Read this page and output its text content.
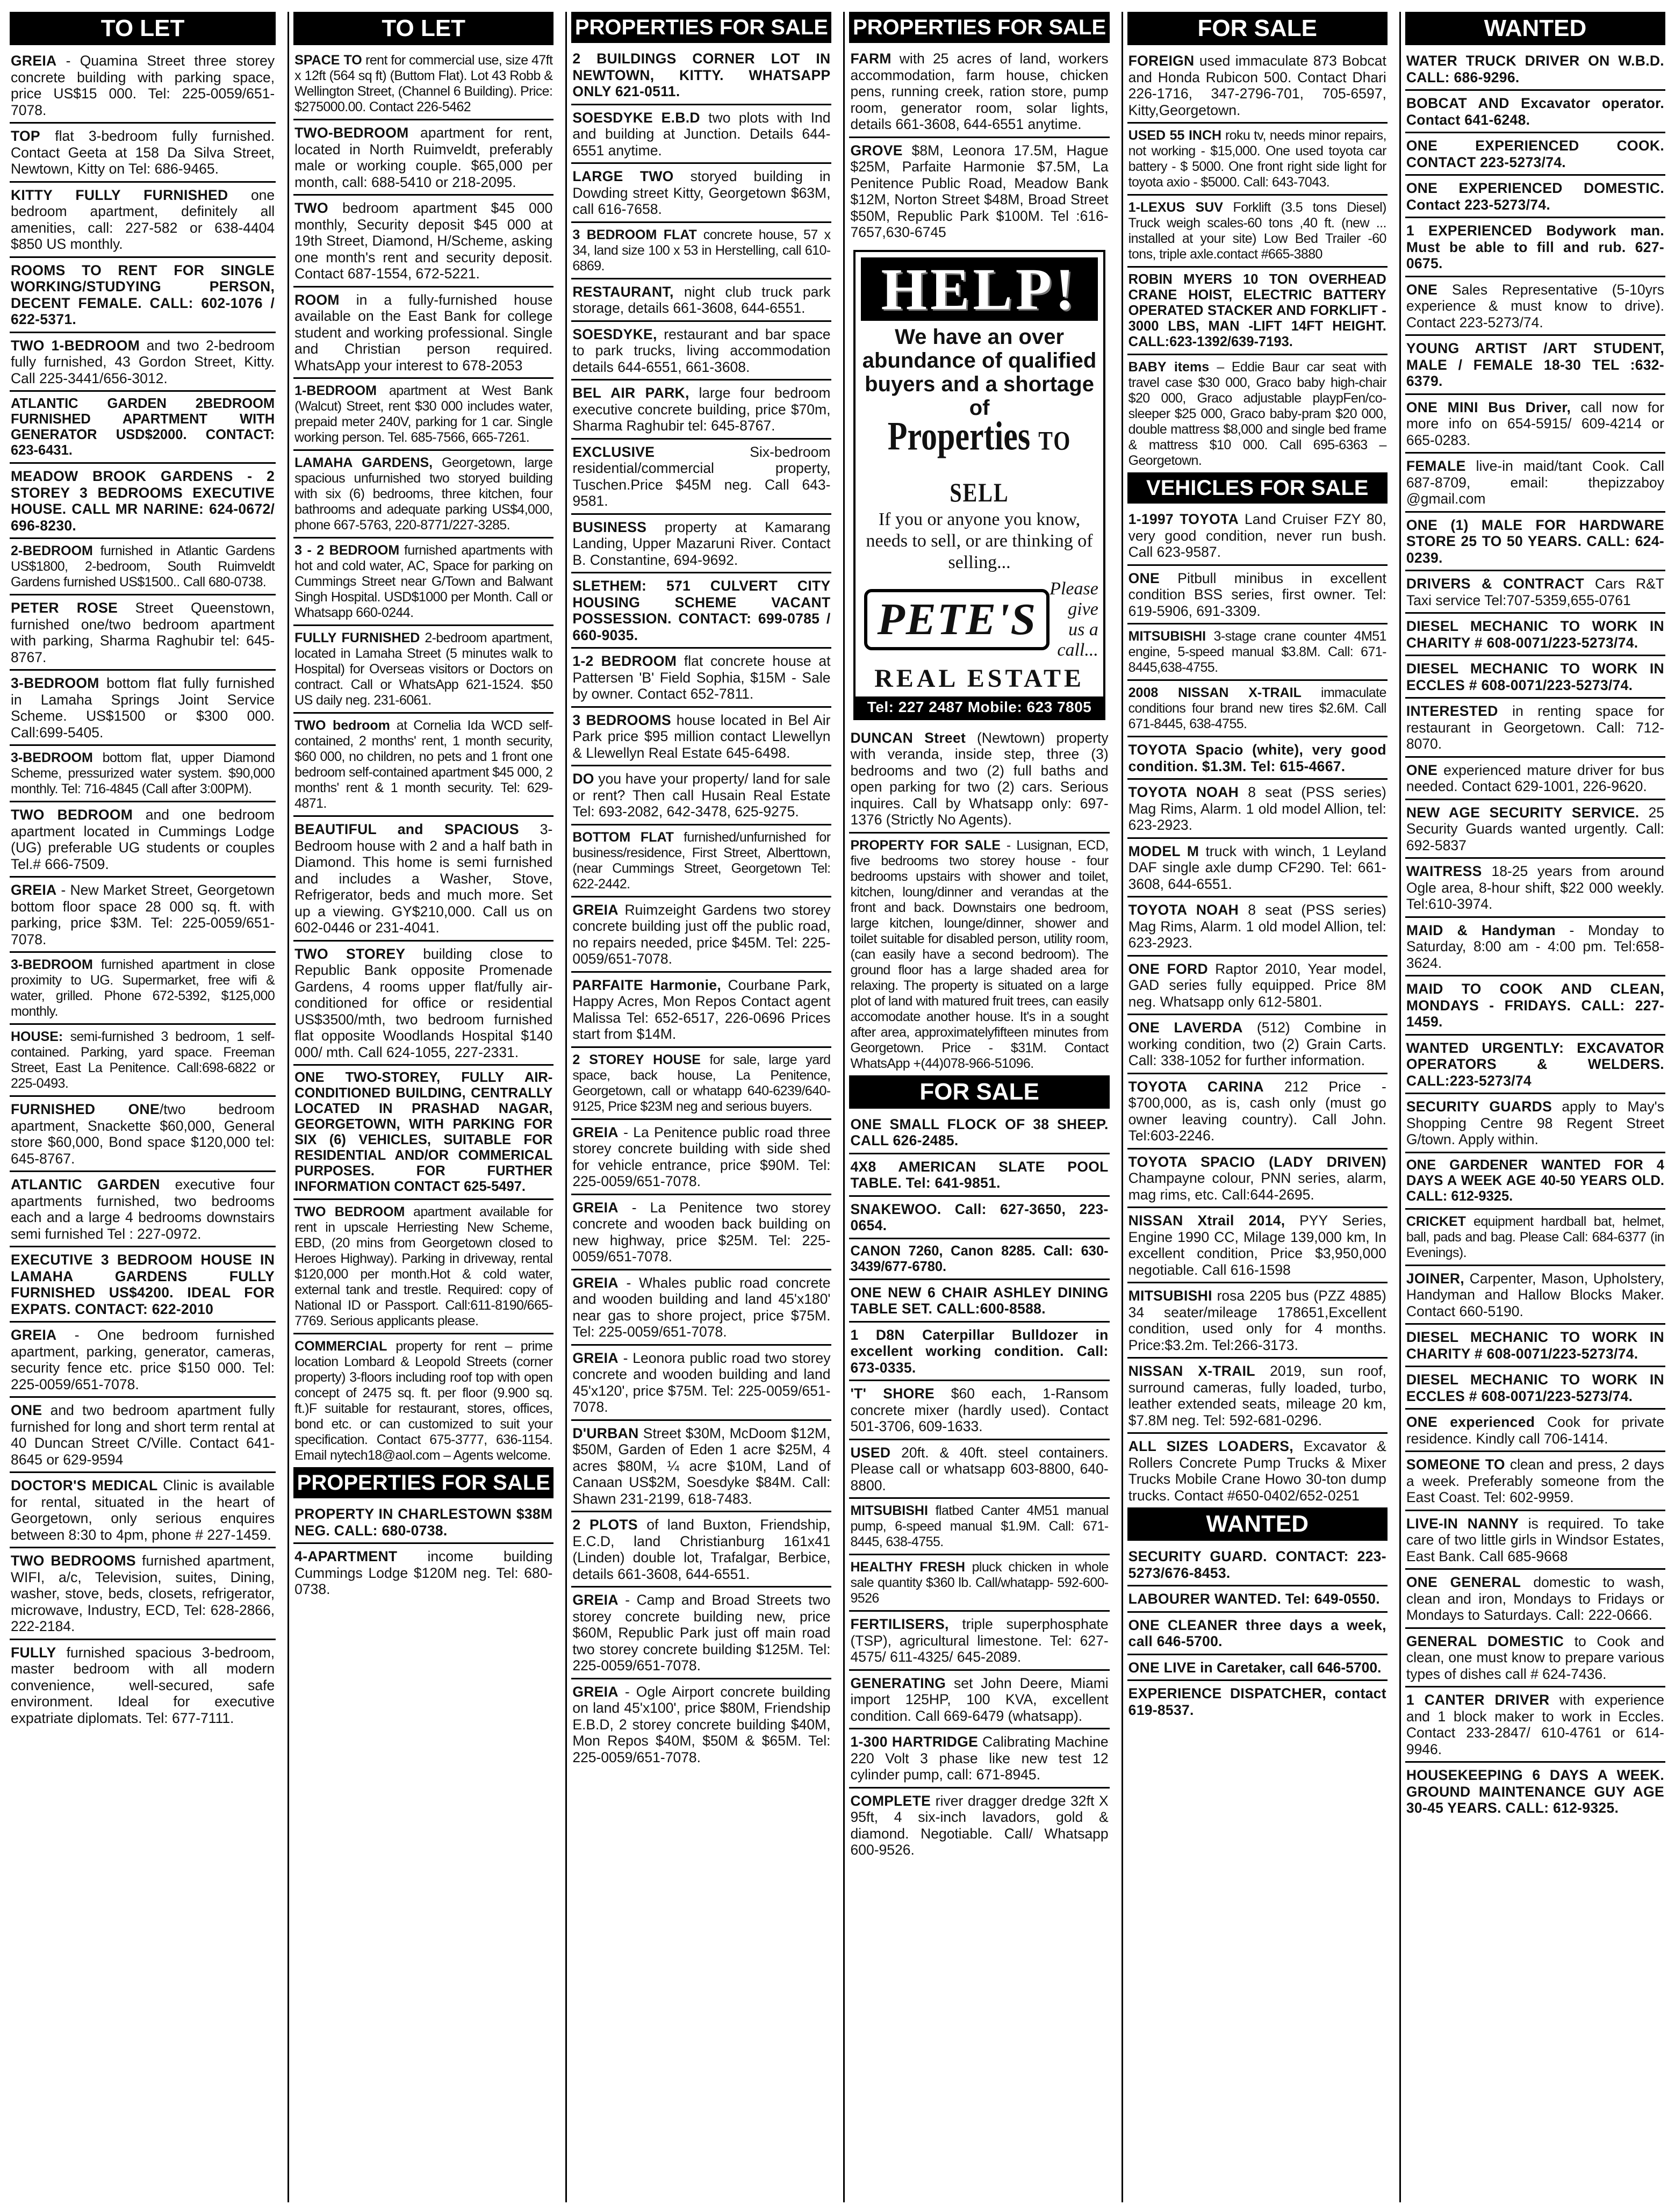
TO LET
GREIA - Quamina Street three storey concrete building with parking space, price US$15 000. Tel: 225-0059/651-7078.
TOP flat 3-bedroom fully furnished. Contact Geeta at 158 Da Silva Street, Newtown, Kitty on Tel: 686-9465.
KITTY FULLY FURNISHED one bedroom apartment, definitely all amenities, call: 227-582 or 638-4404 $850 US monthly.
ROOMS TO RENT FOR SINGLE WORKING/STUDYING PERSON, DECENT FEMALE. CALL: 602-1076 / 622-5371.
TWO 1-BEDROOM and two 2-bedroom fully furnished, 43 Gordon Street, Kitty. Call 225-3441/656-3012.
ATLANTIC GARDEN 2BEDROOM FURNISHED APARTMENT WITH GENERATOR USD$2000. CONTACT: 623-6431.
MEADOW BROOK GARDENS - 2 STOREY 3 BEDROOMS EXECUTIVE HOUSE. CALL MR NARINE: 624-0672/ 696-8230.
2-BEDROOM furnished in Atlantic Gardens US$1800, 2-bedroom, South Ruimveldt Gardens furnished US$1500.. Call 680-0738.
PETER ROSE Street Queenstown, furnished one/two bedroom apartment with parking, Sharma Raghubir tel: 645-8767.
3-BEDROOM bottom flat fully furnished in Lamaha Springs Joint Service Scheme. US$1500 or $300 000. Call:699-5405.
3-BEDROOM bottom flat, upper Diamond Scheme, pressurized water system. $90,000 monthly. Tel: 716-4845 (Call after 3:00PM).
TWO BEDROOM and one bedroom apartment located in Cummings Lodge (UG) preferable UG students or couples Tel.# 666-7509.
GREIA - New Market Street, Georgetown bottom floor space 28 000 sq. ft. with parking, price $3M. Tel: 225-0059/651-7078.
3-BEDROOM furnished apartment in close proximity to UG. Supermarket, free wifi & water, grilled. Phone 672-5392, $125,000 monthly.
HOUSE: semi-furnished 3 bedroom, 1 self-contained. Parking, yard space. Freeman Street, East La Penitence. Call:698-6822 or 225-0493.
FURNISHED ONE/two bedroom apartment, Snackette $60,000, General store $60,000, Bond space $120,000 tel: 645-8767.
ATLANTIC GARDEN executive four apartments furnished, two bedrooms each and a large 4 bedrooms downstairs semi furnished Tel : 227-0972.
EXECUTIVE 3 BEDROOM HOUSE IN LAMAHA GARDENS FULLY FURNISHED US$4200. IDEAL FOR EXPATS. CONTACT: 622-2010
GREIA - One bedroom furnished apartment, parking, generator, cameras, security fence etc. price $150 000. Tel: 225-0059/651-7078.
ONE and two bedroom apartment fully furnished for long and short term rental at 40 Duncan Street C/Ville. Contact 641-8645 or 629-9594
DOCTOR'S MEDICAL Clinic is available for rental, situated in the heart of Georgetown, only serious enquires between 8:30 to 4pm, phone # 227-1459.
TWO BEDROOMS furnished apartment, WIFI, a/c, Television, suites, Dining, washer, stove, beds, closets, refrigerator, microwave, Industry, ECD, Tel: 628-2866, 222-2184.
FULLY furnished spacious 3-bedroom, master bedroom with all modern convenience, well-secured, safe environment. Ideal for executive expatriate diplomats. Tel: 677-7111.
TO LET
SPACE TO rent for commercial use, size 47ft x 12ft (564 sq ft) (Buttom Flat). Lot 43 Robb & Wellington Street, (Channel 6 Building). Price: $275000.00. Contact 226-5462
TWO-BEDROOM apartment for rent, located in North Ruimveldt, preferably male or working couple. $65,000 per month, call: 688-5410 or 218-2095.
TWO bedroom apartment $45 000 monthly, Security deposit $45 000 at 19th Street, Diamond, H/Scheme, asking one month's rent and security deposit. Contact 687-1554, 672-5221.
ROOM in a fully-furnished house available on the East Bank for college student and working professional. Single and Christian person required. WhatsApp your interest to 678-2053
1-BEDROOM apartment at West Bank (Walcut) Street, rent $30 000 includes water, prepaid meter 240V, parking for 1 car. Single working person. Tel. 685-7566, 665-7261.
LAMAHA GARDENS, Georgetown, large spacious unfurnished two storyed building with six (6) bedrooms, three kitchen, four bathrooms and adequate parking US$4,000, phone 667-5763, 220-8771/227-3285.
3 - 2 BEDROOM furnished apartments with hot and cold water, AC, Space for parking on Cummings Street near G/Town and Balwant Singh Hospital. USD$1000 per Month. Call or Whatsapp 660-0244.
FULLY FURNISHED 2-bedroom apartment, located in Lamaha Street (5 minutes walk to Hospital) for Overseas visitors or Doctors on contract. Call or WhatsApp 621-1524. $50 US daily neg. 231-6061.
TWO bedroom at Cornelia Ida WCD self-contained, 2 months' rent, 1 month security, $60 000, no children, no pets and 1 front one bedroom self-contained apartment $45 000, 2 months' rent & 1 month security. Tel: 629-4871.
BEAUTIFUL and SPACIOUS 3-Bedroom house with 2 and a half bath in Diamond. This home is semi furnished and includes a Washer, Stove, Refrigerator, beds and much more. Set up a viewing. GY$210,000. Call us on 602-0446 or 231-4041.
TWO STOREY building close to Republic Bank opposite Promenade Gardens, 4 rooms upper flat/fully air-conditioned for office or residential US$3500/mth, two bedroom furnished flat opposite Woodlands Hospital $140 000/ mth. Call 624-1055, 227-2331.
ONE TWO-STOREY, FULLY AIR-CONDITIONED BUILDING, CENTRALLY LOCATED IN PRASHAD NAGAR, GEORGETOWN, WITH PARKING FOR SIX (6) VEHICLES, SUITABLE FOR RESIDENTIAL AND/OR COMMERICAL PURPOSES. FOR FURTHER INFORMATION CONTACT 625-5497.
TWO BEDROOM apartment available for rent in upscale Herriesting New Scheme, EBD, (20 mins from Georgetown closed to Heroes Highway). Parking in driveway, rental $120,000 per month.Hot & cold water, external tank and trestle. Required: copy of National ID or Passport. Call:611-8190/665-7769. Serious applicants please.
COMMERCIAL property for rent – prime location Lombard & Leopold Streets (corner property) 3-floors including roof top with open concept of 2475 sq. ft. per floor (9.900 sq. ft.)F suitable for restaurant, stores, offices, bond etc. or can customized to suit your specification. Contact 675-3777, 636-1154. Email nytech18@aol.com – Agents welcome.
PROPERTIES FOR SALE
PROPERTY IN CHARLESTOWN $38M NEG. CALL: 680-0738.
4-APARTMENT income building Cummings Lodge $120M neg. Tel: 680-0738.
PROPERTIES FOR SALE
2 BUILDINGS CORNER LOT IN NEWTOWN, KITTY. WHATSAPP ONLY 621-0511.
SOESDYKE E.B.D two plots with Ind and building at Junction. Details 644-6551 anytime.
LARGE TWO storyed building in Dowding street Kitty, Georgetown $63M, call 616-7658.
3 BEDROOM FLAT concrete house, 57 x 34, land size 100 x 53 in Herstelling, call 610-6869.
RESTAURANT, night club truck park storage, details 661-3608, 644-6551.
SOESDYKE, restaurant and bar space to park trucks, living accommodation details 644-6551, 661-3608.
BEL AIR PARK, large four bedroom executive concrete building, price $70m, Sharma Raghubir tel: 645-8767.
EXCLUSIVE Six-bedroom residential/commercial property, Tuschen.Price $45M neg. Call 643-9581.
BUSINESS property at Kamarang Landing, Upper Mazaruni River. Contact B. Constantine, 694-9692.
SLETHEM: 571 CULVERT CITY HOUSING SCHEME VACANT POSSESSION. CONTACT: 699-0785 / 660-9035.
1-2 BEDROOM flat concrete house at Pattersen 'B' Field Sophia, $15M - Sale by owner. Contact 652-7811.
3 BEDROOMS house located in Bel Air Park price $95 million contact Llewellyn & Llewellyn Real Estate 645-6498.
DO you have your property/ land for sale or rent? Then call Husain Real Estate Tel: 693-2082, 642-3478, 625-9275.
BOTTOM FLAT furnished/unfurnished for business/residence, First Street, Alberttown, (near Cummings Street, Georgetown Tel: 622-2442.
GREIA Ruimzeight Gardens two storey concrete building just off the public road, no repairs needed, price $45M. Tel: 225-0059/651-7078.
PARFAITE Harmonie, Courbane Park, Happy Acres, Mon Repos Contact agent Malissa Tel: 652-6517, 226-0696 Prices start from $14M.
2 STOREY HOUSE for sale, large yard space, back house, La Penitence, Georgetown, call or whatapp 640-6239/640-9125, Price $23M neg and serious buyers.
GREIA - La Penitence public road three storey concrete building with side shed for vehicle entrance, price $90M. Tel: 225-0059/651-7078.
GREIA - La Penitence two storey concrete and wooden back building on new highway, price $25M. Tel: 225-0059/651-7078.
GREIA - Whales public road concrete and wooden building and land 45'x180' near gas to shore project, price $75M. Tel: 225-0059/651-7078.
GREIA - Leonora public road two storey concrete and wooden building and land 45'x120', price $75M. Tel: 225-0059/651-7078.
D'URBAN Street $30M, McDoom $12M, $50M, Garden of Eden 1 acre $25M, 4 acres $80M, ¼ acre $10M, Land of Canaan US$2M, Soesdyke $84M. Call: Shawn 231-2199, 618-7483.
2 PLOTS of land Buxton, Friendship, E.C.D, land Christianburg 161x41 (Linden) double lot, Trafalgar, Berbice, details 661-3608, 644-6551.
GREIA - Camp and Broad Streets two storey concrete building new, price $60M, Republic Park just off main road two storey concrete building $125M. Tel: 225-0059/651-7078.
GREIA - Ogle Airport concrete building on land 45'x100', price $80M, Friendship E.B.D, 2 storey concrete building $40M, Mon Repos $40M, $50M & $65M. Tel: 225-0059/651-7078.
PROPERTIES FOR SALE
FARM with 25 acres of land, workers accommodation, farm house, chicken pens, running creek, ration store, pump room, generator room, solar lights, details 661-3608, 644-6551 anytime.
GROVE $8M, Leonora 17.5M, Hague $25M, Parfaite Harmonie $7.5M, La Penitence Public Road, Meadow Bank $12M, Norton Street $48M, Broad Street $50M, Republic Park $100M. Tel :616-7657,630-6745
HELP!
We have an over abundance of qualified buyers and a shortage of
Properties TO SELL
If you or anyone you know, needs to sell, or are thinking of selling...
PETE'S
Please give us a call...
REAL ESTATE
Tel: 227 2487 Mobile: 623 7805
DUNCAN Street (Newtown) property with veranda, inside step, three (3) bedrooms and two (2) full baths and open parking for two (2) cars. Serious inquires. Call by Whatsapp only: 697-1376 (Strictly No Agents).
PROPERTY FOR SALE - Lusignan, ECD, five bedrooms two storey house - four bedrooms upstairs with shower and toilet, kitchen, loung/dinner and verandas at the front and back. Downstairs one bedroom, large kitchen, lounge/dinner, shower and toilet suitable for disabled person, utility room, (can easily have a second bedroom). The ground floor has a large shaded area for relaxing. The property is situated on a large plot of land with matured fruit trees, can easily accomodate another house. It's in a sought after area, approximatelyfifteen minutes from Georgetown. Price - $31M. Contact WhatsApp +(44)078-966-51096.
FOR SALE
ONE SMALL FLOCK OF 38 SHEEP. CALL 626-2485.
4X8 AMERICAN SLATE POOL TABLE. Tel: 641-9851.
SNAKEWOO. Call: 627-3650, 223-0654.
CANON 7260, Canon 8285. Call: 630-3439/677-6780.
ONE NEW 6 CHAIR ASHLEY DINING TABLE SET. CALL:600-8588.
1 D8N Caterpillar Bulldozer in excellent working condition. Call: 673-0335.
'T' SHORE $60 each, 1-Ransom concrete mixer (hardly used). Contact 501-3706, 609-1633.
USED 20ft. & 40ft. steel containers. Please call or whatsapp 603-8800, 640-8800.
MITSUBISHI flatbed Canter 4M51 manual pump, 6-speed manual $1.9M. Call: 671-8445, 638-4755.
HEALTHY FRESH pluck chicken in whole sale quantity $360 lb. Call/whatapp- 592-600-9526
FERTILISERS, triple superphosphate (TSP), agricultural limestone. Tel: 627-4575/ 611-4325/ 645-2089.
GENERATING set John Deere, Miami import 125HP, 100 KVA, excellent condition. Call 669-6479 (whatsapp).
1-300 HARTRIDGE Calibrating Machine 220 Volt 3 phase like new test 12 cylinder pump, call: 671-8945.
COMPLETE river dragger dredge 32ft X 95ft, 4 six-inch lavadors, gold & diamond. Negotiable. Call/ Whatsapp 600-9526.
FOR SALE
FOREIGN used immaculate 873 Bobcat and Honda Rubicon 500. Contact Dhari 226-1716, 347-2796-701, 705-6597, Kitty,Georgetown.
USED 55 INCH roku tv, needs minor repairs, not working - $15,000. One used toyota car battery - $ 5000. One front right side light for toyota axio - $5000. Call: 643-7043.
1-LEXUS SUV Forklift (3.5 tons Diesel) Truck weigh scales-60 tons ,40 ft. (new ... installed at your site) Low Bed Trailer -60 tons, triple axle.contact #665-3880
ROBIN MYERS 10 TON OVERHEAD CRANE HOIST, ELECTRIC BATTERY OPERATED STACKER AND FORKLIFT - 3000 LBS, MAN -LIFT 14FT HEIGHT. CALL:623-1392/639-7193.
BABY items – Eddie Baur car seat with travel case $30 000, Graco baby high-chair $20 000, Graco adjustable playpFen/co-sleeper $25 000, Graco baby-pram $20 000, double mattress $8,000 and single bed frame & mattress $10 000. Call 695-6363 – Georgetown.
VEHICLES FOR SALE
1-1997 TOYOTA Land Cruiser FZY 80, very good condition, never run bush. Call 623-9587.
ONE Pitbull minibus in excellent condition BSS series, first owner. Tel: 619-5906, 691-3309.
MITSUBISHI 3-stage crane counter 4M51 engine, 5-speed manual $3.8M. Call: 671-8445,638-4755.
2008 NISSAN X-TRAIL immaculate conditions four brand new tires $2.6M. Call 671-8445, 638-4755.
TOYOTA Spacio (white), very good condition. $1.3M. Tel: 615-4667.
TOYOTA NOAH 8 seat (PSS series) Mag Rims, Alarm. 1 old model Allion, tel: 623-2923.
MODEL M truck with winch, 1 Leyland DAF single axle dump CF290. Tel: 661-3608, 644-6551.
TOYOTA NOAH 8 seat (PSS series) Mag Rims, Alarm. 1 old model Allion, tel: 623-2923.
ONE FORD Raptor 2010, Year model, GAD series fully equipped. Price 8M neg. Whatsapp only 612-5801.
ONE LAVERDA (512) Combine in working condition, two (2) Grain Carts. Call: 338-1052 for further information.
TOYOTA CARINA 212 Price - $700,000, as is, cash only (must go owner leaving country). Call John. Tel:603-2246.
TOYOTA SPACIO (LADY DRIVEN) Champayne colour, PNN series, alarm, mag rims, etc. Call:644-2695.
NISSAN Xtrail 2014, PYY Series, Engine 1990 CC, Milage 139,000 km, In excellent condition, Price $3,950,000 negotiable. Call 616-1598
MITSUBISHI rosa 2205 bus (PZZ 4885) 34 seater/mileage 178651,Excellent condition, used only for 4 months. Price:$3.2m. Tel:266-3173.
NISSAN X-TRAIL 2019, sun roof, surround cameras, fully loaded, turbo, leather extended seats, mileage 20 km, $7.8M neg. Tel: 592-681-0296.
ALL SIZES LOADERS, Excavator & Rollers Concrete Pump Trucks & Mixer Trucks Mobile Crane Howo 30-ton dump trucks. Contact #650-0402/652-0251
WANTED
SECURITY GUARD. CONTACT: 223-5273/676-8453.
LABOURER WANTED. Tel: 649-0550.
ONE CLEANER three days a week, call 646-5700.
ONE LIVE in Caretaker, call 646-5700.
EXPERIENCE DISPATCHER, contact 619-8537.
WANTED
WATER TRUCK DRIVER ON W.B.D. CALL: 686-9296.
BOBCAT AND Excavator operator. Contact 641-6248.
ONE EXPERIENCED COOK. CONTACT 223-5273/74.
ONE EXPERIENCED DOMESTIC. Contact 223-5273/74.
1 EXPERIENCED Bodywork man. Must be able to fill and rub. 627-0675.
ONE Sales Representative (5-10yrs experience & must know to drive). Contact 223-5273/74.
YOUNG ARTIST /ART STUDENT, MALE / FEMALE 18-30 TEL :632-6379.
ONE MINI Bus Driver, call now for more info on 654-5915/ 609-4214 or 665-0283.
FEMALE live-in maid/tant Cook. Call 687-8709, email: thepizzaboy @gmail.com
ONE (1) MALE FOR HARDWARE STORE 25 TO 50 YEARS. CALL: 624-0239.
DRIVERS & CONTRACT Cars R&T Taxi service Tel:707-5359,655-0761
DIESEL MECHANIC TO WORK IN CHARITY # 608-0071/223-5273/74.
DIESEL MECHANIC TO WORK IN ECCLES # 608-0071/223-5273/74.
INTERESTED in renting space for restaurant in Georgetown. Call: 712-8070.
ONE experienced mature driver for bus needed. Contact 629-1001, 226-9620.
NEW AGE SECURITY SERVICE. 25 Security Guards wanted urgently. Call: 692-5837
WAITRESS 18-25 years from around Ogle area, 8-hour shift, $22 000 weekly. Tel:610-3974.
MAID & Handyman - Monday to Saturday, 8:00 am - 4:00 pm. Tel:658-3624.
MAID TO COOK AND CLEAN, MONDAYS - FRIDAYS. CALL: 227-1459.
WANTED URGENTLY: EXCAVATOR OPERATORS & WELDERS. CALL:223-5273/74
SECURITY GUARDS apply to May's Shopping Centre 98 Regent Street G/town. Apply within.
ONE GARDENER WANTED FOR 4 DAYS A WEEK AGE 40-50 YEARS OLD. CALL: 612-9325.
CRICKET equipment hardball bat, helmet, ball, pads and bag. Please Call: 684-6377 (in Evenings).
JOINER, Carpenter, Mason, Upholstery, Handyman and Hallow Blocks Maker. Contact 660-5190.
DIESEL MECHANIC TO WORK IN CHARITY # 608-0071/223-5273/74.
DIESEL MECHANIC TO WORK IN ECCLES # 608-0071/223-5273/74.
ONE experienced Cook for private residence. Kindly call 706-1414.
SOMEONE TO clean and press, 2 days a week. Preferably someone from the East Coast. Tel: 602-9959.
LIVE-IN NANNY is required. To take care of two little girls in Windsor Estates, East Bank. Call 685-9668
ONE GENERAL domestic to wash, clean and iron, Mondays to Fridays or Mondays to Saturdays. Call: 222-0666.
GENERAL DOMESTIC to Cook and clean, one must know to prepare various types of dishes call # 624-7436.
1 CANTER DRIVER with experience and 1 block maker to work in Eccles. Contact 233-2847/ 610-4761 or 614-9946.
HOUSEKEEPING 6 DAYS A WEEK. GROUND MAINTENANCE GUY AGE 30-45 YEARS. CALL: 612-9325.
